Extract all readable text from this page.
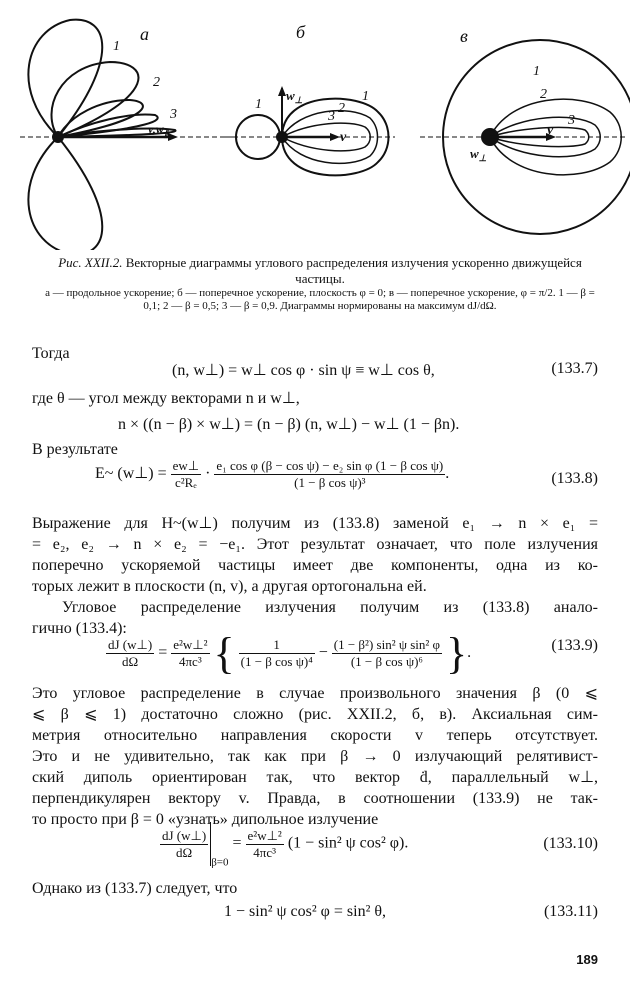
a	б	в
1
2
3
$v,w_\parallel$
1	2
1
3
$w_\perp$
v
1
2
3
$w_\perp$
v
Рис. XXII.2. Векторные диаграммы углового распределения излучения ускоренно движущейся частицы.
а — продольное ускорение; б — поперечное ускорение, плоскость φ = 0; в — поперечное ускорение, φ = π/2. 1 — β = 0,1; 2 — β = 0,5; 3 — β = 0,9. Диаграммы нормированы на максимум dJ/dΩ.
Тогда
(n, w⊥) = w⊥ cos φ · sin ψ ≡ w⊥ cos θ,	(133.7)
где θ — угол между векторами n и w⊥,
n × ((n − β) × w⊥) = (n − β) (n, w⊥) − w⊥ (1 − βn).
В результате
E~ (w⊥) = $\frac{ew\perp}{\text{c²Rₑ}} \cdot \frac{\text{e₁ cos φ (β − cos ψ) − e₂ sin φ (1 − β cos ψ)}}{\text{(1 − β cos ψ)³}}$ .	(133.8)
Выражение для H~(w⊥) получим из (133.8) заменой e₁ → n × e₁ =
= e₂, e₂ → n × e₂ = −e₁. Этот результат означает, что поле излучения
поперечно ускоряемой частицы имеет две компоненты, одна из ко-
торых лежит в плоскости (n, v), а другая ортогональна ей.
Угловое распределение излучения получим из (133.8) анало-
гично (133.4):
$\frac{dJ (w\perp)}{d\Omega} = \frac{\text{e²w⊥²}}{\text{4πc³}}$ { $\frac{1}{\text{(1 − β cos ψ)⁴}} - \frac{\text{(1 − β²) sin² ψ sin² φ}}{\text{(1 − β cos ψ)⁶}}$ }.	(133.9)
Это угловое распределение в случае произвольного значения β (0 ⩽
⩽ β ⩽ 1) достаточно сложно (рис. XXII.2, б, в). Аксиальная сим-
метрия относительно направления скорости v теперь отсутствует.
Это и не удивительно, так как при β → 0 излучающий релятивист-
ский диполь ориентирован так, что вектор ḋ, параллельный w⊥,
перпендикулярен вектору v. Правда, в соотношении (133.9) не так-
то просто при β = 0 «узнать» дипольное излучение
$\frac{dJ (w\perp)}{d\Omega}$
$_{\beta=0} = \frac{\text{e²w⊥²}}{\text{4πc³}} (1 - \sin^2$ ψ cos² φ).	(133.10)
Однако из (133.7) следует, что
1 − sin² ψ cos² φ = sin² θ,	(133.11)
189
